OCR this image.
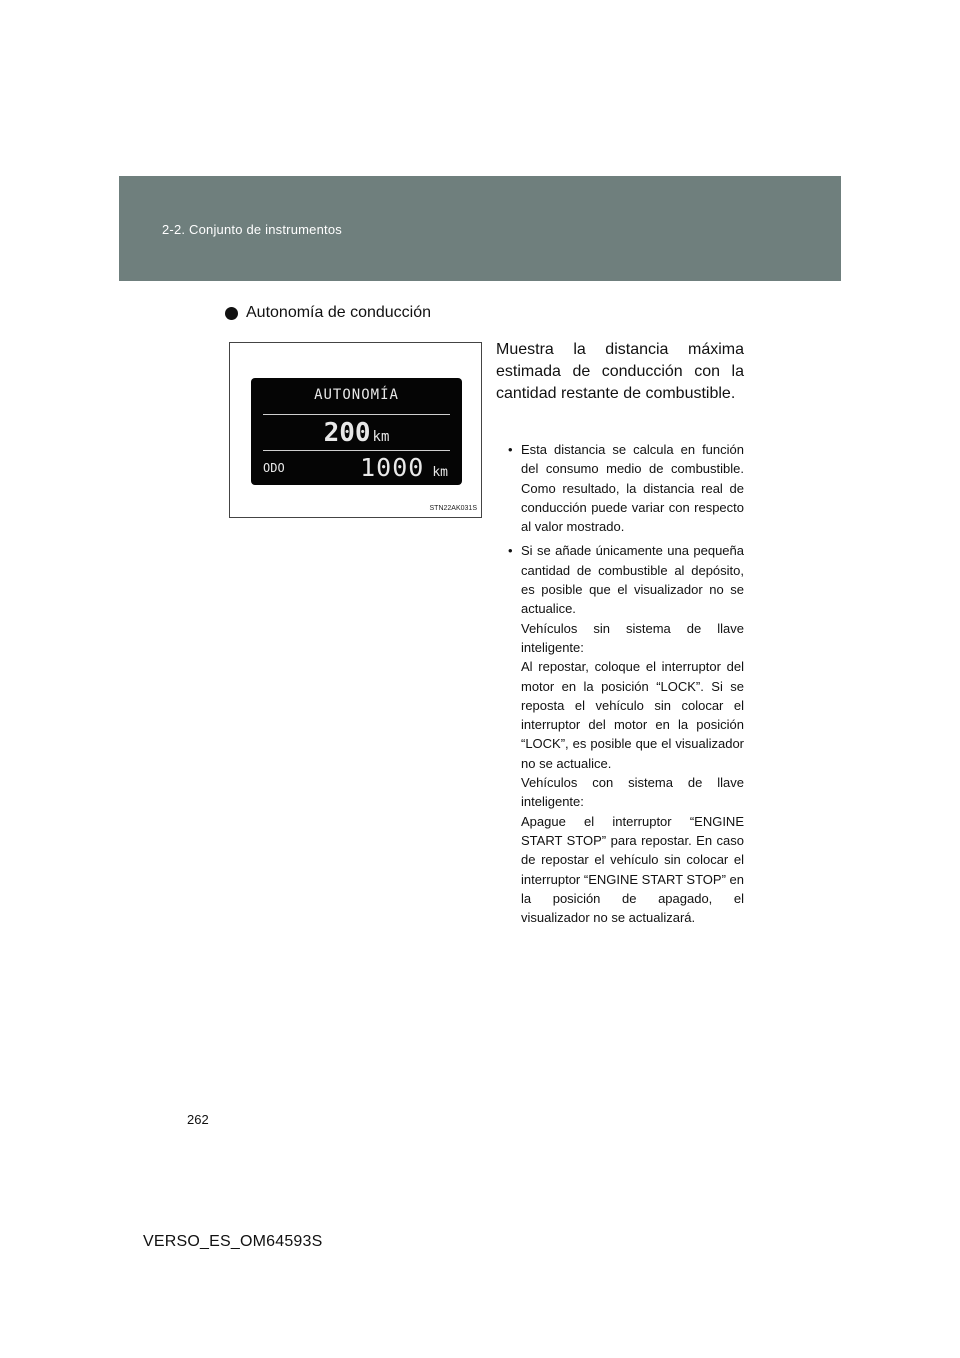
2-2. Conjunto de instrumentos
Autonomía de conducción
AUTONOMÍA
200 km
ODO	1000 km
STN22AK031S

Muestra la distancia máxima estimada de conducción con la cantidad restante de combustible.

• Esta distancia se calcula en función del consumo medio de combustible. Como resultado, la distancia real de conducción puede variar con respecto al valor mostrado.
• Si se añade únicamente una pequeña cantidad de combustible al depósito, es posible que el visualizador no se actualice.
Vehículos sin sistema de llave inteligente:
Al repostar, coloque el interruptor del motor en la posición “LOCK”. Si se reposta el vehículo sin colocar el interruptor del motor en la posición “LOCK”, es posible que el visualizador no se actualice.
Vehículos con sistema de llave inteligente:
Apague el interruptor “ENGINE START STOP” para repostar. En caso de repostar el vehículo sin colocar el interruptor “ENGINE START STOP” en la posición de apagado, el visualizador no se actualizará.
262
VERSO_ES_OM64593S
